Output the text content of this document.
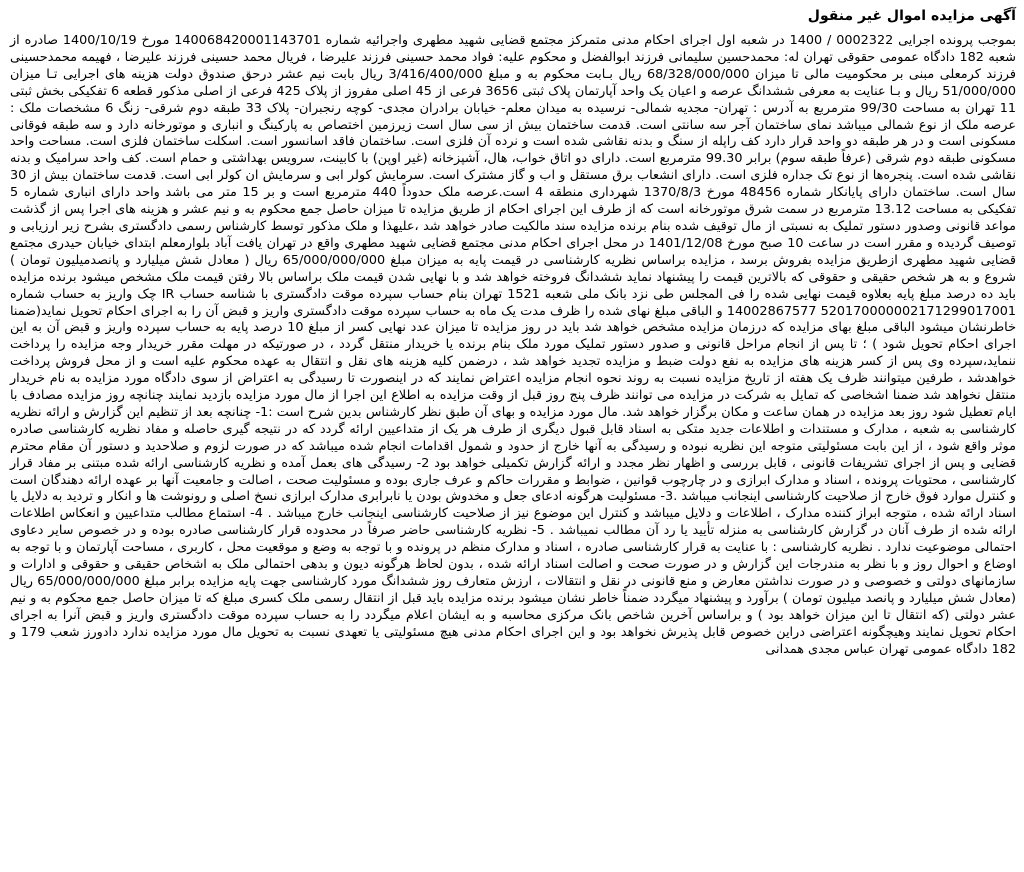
آگهی مزایده اموال غیر منقول

بموجب پرونده اجرایی 0002322 / 1400 در شعبه اول اجرای احکام مدنی متمرکز مجتمع قضایی شهید مطهری واجرائیه شماره 140068420001143701 مورخ 1400/10/19 صادره از شعبه 182 دادگاه عمومی حقوقی تهران له: محمدحسین سلیمانی فرزند ابوالفضل و محکوم علیه: فواد محمد حسینی فرزند علیرضا ، فریال محمد حسینی فرزند علیرضا ، فهیمه محمدحسینی فرزند کرمعلی مبنی بر محکومیت مالی تا میزان 68/328/000/000 ریال بـابت محکوم به و مبلغ 3/416/400/000 ریال بابت نیم عشر درحق صندوق دولت هزینه های اجرایی تـا میزان 51/000/000 ریال و بـا عنایت به معرفی ششدانگ عرصه و اعیان یک واحد آپارتمان پلاک ثبتی 3656 فرعی از 45 اصلی مفروز از پلاک 425 فرعی از اصلی مذکور قطعه 6 تفکیکی بخش ثبتی 11 تهران به مساحت 99/30 مترمربع به آدرس : تهران- مجدیه شمالی- نرسیده به میدان معلم- خیابان برادران مجدی- کوچه رنجبران- پلاک 33 طبقه دوم شرقی- زنگ 6 مشخصات ملک : عرصه ملک از نوع شمالی میباشد نمای ساختمان آجر سه سانتی است. قدمت ساختمان بیش از سی سال است زیرزمین اختصاص به پارکینگ و انباری و موتورخانه دارد و سه طبقه فوقانی مسکونی است و در هر طبقه دو واحد قرار دارد کف راپله از سنگ و بدنه نقاشی شده است و نرده آن فلزی است. ساختمان فاقد اسانسور است. اسکلت ساختمان فلزی است. مساحت واحد مسکونی طبقه دوم شرقی (عرفاً طبقه سوم) برابر 99.30 مترمربع است. دارای دو اتاق خواب، هال، آشپزخانه (غیر اوپن) با کابینت، سرویس بهداشتی و حمام است. کف واحد سرامیک و بدنه نقاشی شده است. پنجره‌ها از نوع تک جداره فلزی است. دارای انشعاب برق مستقل و اب و گاز مشترک است. سرمایش کولر ابی و سرمایش ان کولر ابی است. قدمت ساختمان بیش از 30 سال است. ساختمان دارای پایانکار شماره 48456 مورخ 1370/8/3 شهرداری منطقه 4 است.عرصه ملک حدوداً 440 مترمربع است و بر 15 متر می باشد واحد دارای انباری شماره 5 تفکیکی به مساحت 13.12 مترمربع در سمت شرق موتورخانه است که از طرف این اجرای احکام از طریق مزایده تا میزان حاصل جمع محکوم به و نیم عشر و هزینه های اجرا پس از گذشت مواعد قانونی وصدور دستور تملیک به نسبتی از مال توقیف شده بنام برنده مزایده سند مالکیت صادر خواهد شد ،علیهذا و ملک مذکور توسط کارشناس رسمی دادگستری بشرح زیر ارزیابی و توصیف گردیده و مقرر است در ساعت 10 صبح مورخ 1401/12/08 در محل اجرای احکام مدنی مجتمع قضایی شهید مطهری واقع در تهران یافت آباد بلوارمعلم ابتدای خیابان حیدری مجتمع قضایی شهید مطهری ازطریق مزایده بفروش برسد ، مزایده براساس نظریه کارشناسی در قیمت پایه به میزان مبلغ 65/000/000/000 ریال ( معادل شش میلیارد و پانصدمیلیون تومان ) شروع و به هر شخص حقیقی و حقوقی که بالاترین قیمت را پیشنهاد نماید ششدانگ فروخته خواهد شد و با نهایی شدن قیمت ملک براساس بالا رفتن قیمت ملک مشخص میشود برنده مزایده باید ده درصد مبلغ پایه بعلاوه قیمت نهایی شده را فی المجلس طی نزد بانک ملی شعبه 1521 تهران بنام حساب سپرده موقت دادگستری با شناسه حساب IR چک واریز به حساب شماره 520170000002171299017001 14002867577 و الباقی مبلغ نهای شده را ظرف مدت یک ماه به حساب سپرده موقت دادگستری واریز و قبض آن را به اجرای احکام تحویل نماید(ضمنا خاطرنشان میشود الباقی مبلغ بهای مزایده که درزمان مزایده مشخص خواهد شد باید در روز مزایده تا میزان عدد نهایی کسر از مبلغ 10 درصد پایه به حساب سپرده واریز و قبض آن به این اجرای احکام تحویل شود ) ؛ تا پس از انجام مراحل قانونی و صدور دستور تملیک مورد ملک بنام برنده یا خریدار منتقل گردد ، در صورتیکه در مهلت مقرر خریدار وجه مزایده را پرداخت ننماید،سپرده وی پس از کسر هزینه های مزایده به نفع دولت ضبط و مزایده تجدید خواهد شد ، درضمن کلیه هزینه های نقل و انتقال به عهده محکوم علیه است و از محل فروش پرداخت خواهدشد ، طرفین میتوانند ظرف یک هفته از تاریخ مزایده نسبت به روند نحوه انجام مزایده اعتراض نمایند که در اینصورت تا رسیدگی به اعتراض از سوی دادگاه مورد مزایده به نام خریدار منتقل نخواهد شد ضمنا اشخاصی که تمایل به شرکت در مزایده می توانند ظرف پنج روز قبل از وقت مزایده به اطلاع این اجرا از مال مورد مزایده بازدید نمایند چنانچه روز مزایده مصادف با ایام تعطیل شود روز بعد مزایده در همان ساعت و مکان برگزار خواهد شد. مال مورد مزایده و بهای آن طبق نظر کارشناس بدین شرح است :1- چنانچه بعد از تنظیم این گزارش و ارائه نظریه کارشناسی به شعبه ، مدارک و مستندات و اطلاعات جدید متکی به اسناد قابل قبول دیگری از طرف هر یک از متداعیین ارائه گردد که در نتیجه گیری حاصله و مفاد نظریه کارشناسی صادره موثر واقع شود ، از این بابت مسئولیتی متوجه این نظریه نبوده و رسیدگی به آنها خارج از حدود و شمول اقدامات انجام شده میباشد که در صورت لزوم و صلاحدید و دستور آن مقام محترم قضایی و پس از اجرای تشریفات قانونی ، قابل بررسی و اظهار نظر مجدد و ارائه گزارش تکمیلی خواهد بود 2- رسیدگی های بعمل آمده و نظریه کارشناسی ارائه شده مبتنی بر مفاد قرار کارشناسی ، محتویات پرونده ، اسناد و مدارک ابرازی و در چارچوب قوانین ، ضوابط و مقررات حاکم و عرف جاری بوده و مسئولیت صحت ، اصالت و جامعیت آنها بر عهده ارائه دهندگان است و کنترل موارد فوق خارج از صلاحیت کارشناسی اینجانب میباشد .3- مسئولیت هرگونه ادعای جعل و مخدوش بودن یا نابرابری مدارک ابرازی نسخ اصلی و رونوشت ها و انکار و تردید به دلایل یا اسناد ارائه شده ، متوجه ابراز کننده مدارک ، اطلاعات و دلایل میباشد و کنترل این موضوع نیز از صلاحیت کارشناسی اینجانب خارج میباشد . 4- استماع مطالب متداعیین و انعکاس اطلاعات ارائه شده از طرف آنان در گزارش کارشناسی به منزله تأیید یا رد آن مطالب نمیباشد . 5- نظریه کارشناسی حاضر صرفاً در محدوده قرار کارشناسی صادره بوده و در خصوص سایر دعاوی احتمالی موضوعیت ندارد . نظریه کارشناسی : با عنایت به قرار کارشناسی صادره ، اسناد و مدارک منظم در پرونده و با توجه به وضع و موقعیت محل ، کاربری ، مساحت آپارتمان و با توجه به اوضاع و احوال روز و با نظر به مندرجات این گزارش و در صورت صحت و اصالت اسناد ارائه شده ، بدون لحاظ هرگونه دیون و بدهی احتمالی ملک به اشخاص حقیقی و حقوقی و ادارات و سازمانهای دولتی و خصوصی و در صورت نداشتن معارض و منع قانونی در نقل و انتقالات ، ارزش متعارف روز ششدانگ مورد کارشناسی جهت پایه مزایده برابر مبلغ 65/000/000/000 ریال (معادل شش میلیارد و پانصد میلیون تومان ) برآورد و پیشنهاد میگردد ضمناً خاطر نشان میشود برنده مزایده باید قبل از انتقال رسمی ملک کسری مبلغ که تا میزان حاصل جمع محکوم به و نیم عشر دولتی (که انتقال تا این میزان خواهد بود ) و براساس آخرین شاخص بانک مرکزی محاسبه و به ایشان اعلام میگردد را به حساب سپرده موقت دادگستری واریز و قبض آنرا به اجرای احکام تحویل نمایند وهیچگونه اعتراضی دراین خصوص قابل پذیرش نخواهد بود و این اجرای احکام مدنی هیچ مسئولیتی یا تعهدی نسبت به تحویل مال مورد مزایده ندارد دادورز شعب 179 و 182 دادگاه عمومی تهران عباس مجدی همدانی
